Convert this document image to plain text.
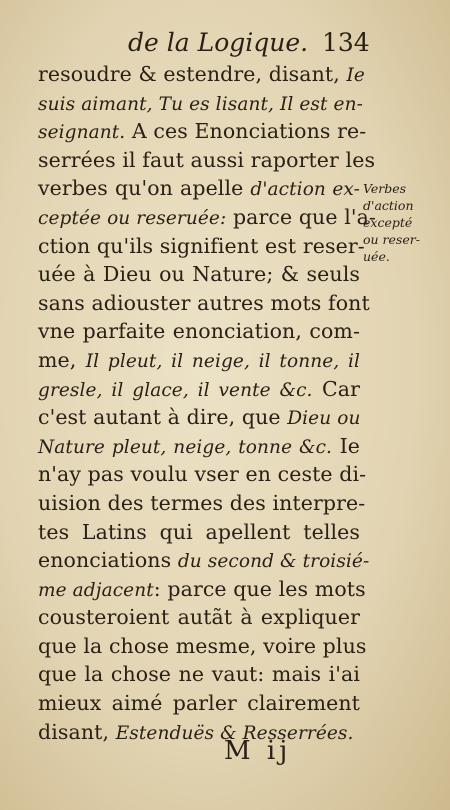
de la Logique. 134
resoudre & estendre, disant, Ie
suis aimant, Tu es lisant, Il est en-
seignant. A ces Enonciations re-
serrées il faut aussi raporter les
verbes qu'on apelle d'action ex-
ceptée ou reseruée: parce que l'a-
ction qu'ils signifient est reser-
uée à Dieu ou Nature; & seuls
sans adiouster autres mots font
vne parfaite enonciation, com-
me, Il pleut, il neige, il tonne, il
gresle, il glace, il vente &c. Car
c'est autant à dire, que Dieu ou
Nature pleut, neige, tonne &c. Ie
n'ay pas voulu vser en ceste di-
uision des termes des interpre-
tes Latins qui apellent telles
enonciations du second & troisié-
me adjacent: parce que les mots
cousteroient autãt à expliquer
que la chose mesme, voire plus
que la chose ne vaut: mais i'ai
mieux aimé parler clairement
disant, Estenduës & Resserrées.
Verbes
d'action
excepté
ou reser-
uée.
M ij
